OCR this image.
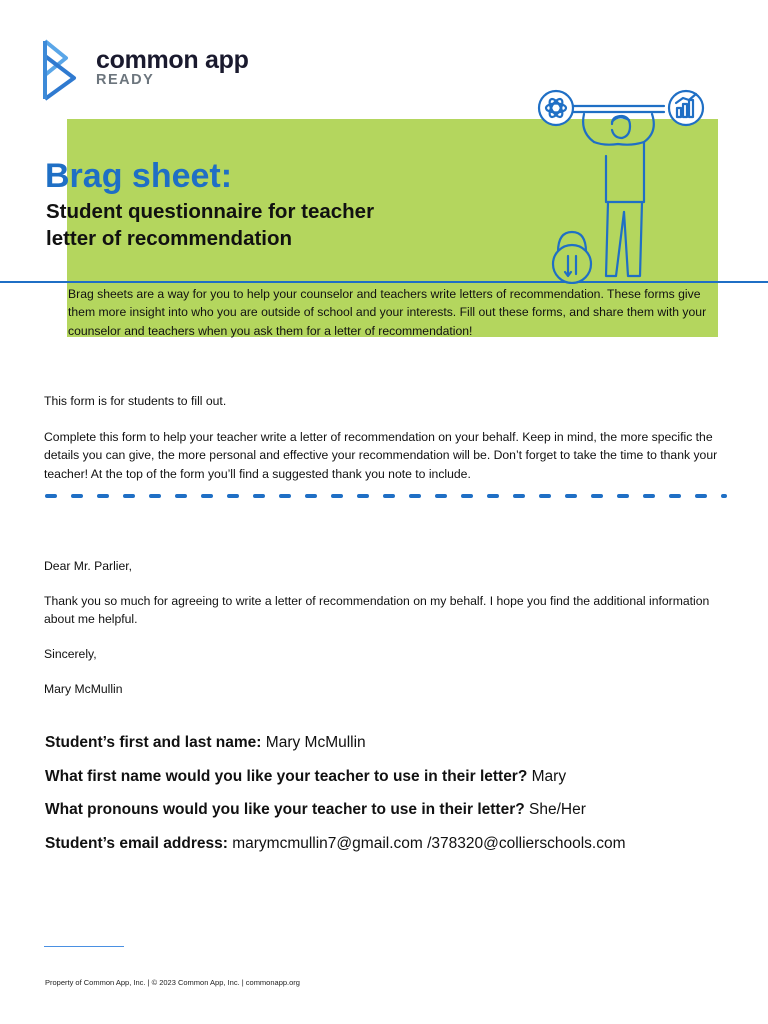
common app
READY
Brag sheet:
Student questionnaire for teacher
letter of recommendation
Brag sheets are a way for you to help your counselor and teachers write letters of recommendation. These forms give them more insight into who you are outside of school and your interests. Fill out these forms, and share them with your counselor and teachers when you ask them for a letter of recommendation!
This form is for students to fill out.
Complete this form to help your teacher write a letter of recommendation on your behalf. Keep in mind, the more specific the details you can give, the more personal and effective your recommendation will be. Don’t forget to take the time to thank your teacher! At the top of the form you’ll find a suggested thank you note to include.
Dear Mr. Parlier,
Thank you so much for agreeing to write a letter of recommendation on my behalf. I hope you find the additional information about me helpful.
Sincerely,
Mary McMullin
Student’s first and last name: Mary McMullin
What first name would you like your teacher to use in their letter? Mary
What pronouns would you like your teacher to use in their letter? She/Her
Student’s email address: marymcmullin7@gmail.com /378320@collierschools.com
Property of Common App, Inc. | © 2023 Common App, Inc. | commonapp.org
